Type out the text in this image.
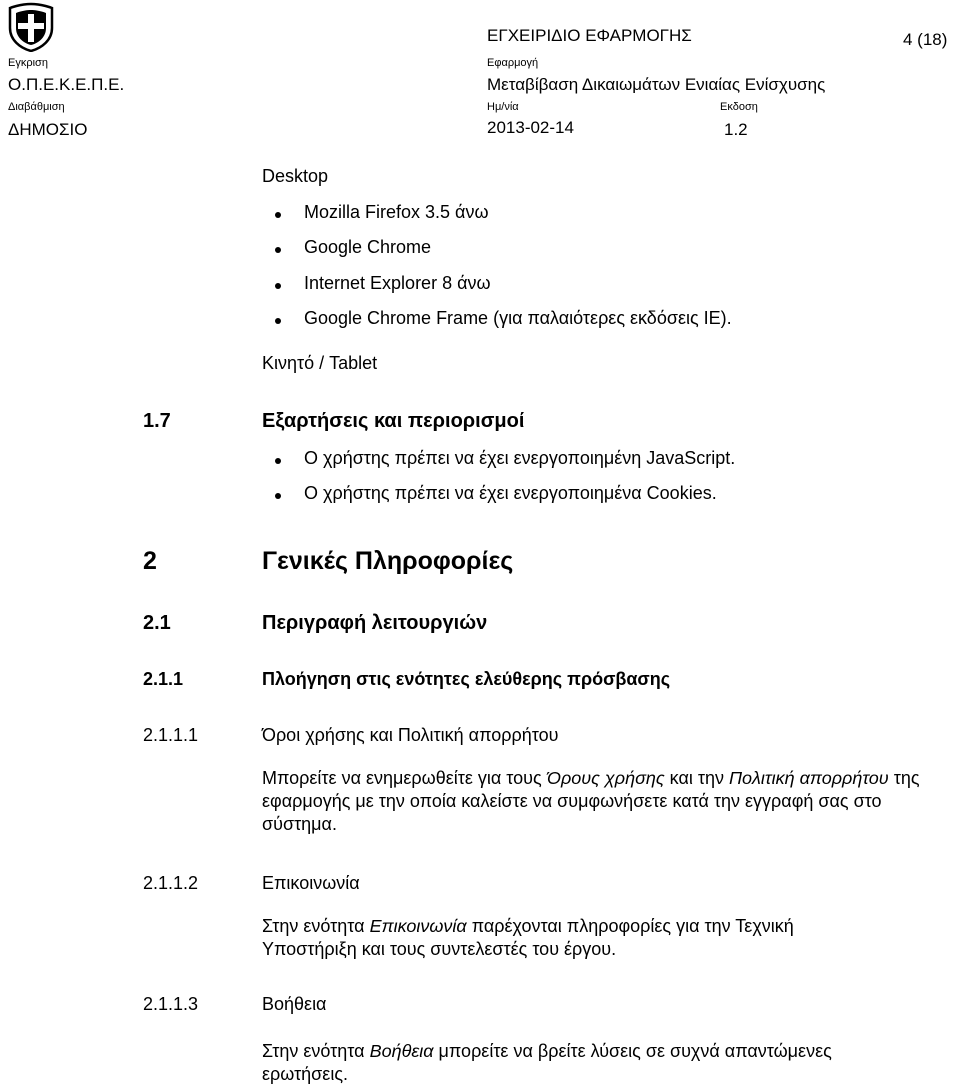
Εγκριση
Ο.Π.Ε.Κ.Ε.Π.Ε.
ΕΓΧΕΙΡΙΔΙΟ ΕΦΑΡΜΟΓΗΣ	4 (18)
Εφαρμογή
Μεταβίβαση Δικαιωμάτων Ενιαίας Ενίσχυσης
Διαβάθμιση
ΔΗΜΟΣΙΟ
Ημ/νία
2013-02-14
Εκδοση
1.2
Desktop
Mozilla Firefox 3.5 άνω
Google Chrome
Internet Explorer 8 άνω
Google Chrome Frame (για παλαιότερες εκδόσεις IE).
Κινητό / Tablet
1.7	Εξαρτήσεις και περιορισμοί
Ο χρήστης πρέπει να έχει ενεργοποιημένη JavaScript.
Ο χρήστης πρέπει να έχει ενεργοποιημένα Cookies.
2	Γενικές Πληροφορίες
2.1	Περιγραφή λειτουργιών
2.1.1	Πλοήγηση στις ενότητες ελεύθερης πρόσβασης
2.1.1.1	Όροι χρήσης και Πολιτική απορρήτου

Μπορείτε να ενημερωθείτε για τους Όρους χρήσης και την Πολιτική απορρήτου της εφαρμογής με την οποία καλείστε να συμφωνήσετε κατά την εγγραφή σας στο σύστημα.

2.1.1.2	Επικοινωνία

Στην ενότητα Επικοινωνία παρέχονται πληροφορίες για την Τεχνική Υποστήριξη και τους συντελεστές του έργου.

2.1.1.3	Βοήθεια

Στην ενότητα Βοήθεια μπορείτε να βρείτε λύσεις σε συχνά απαντώμενες ερωτήσεις.
